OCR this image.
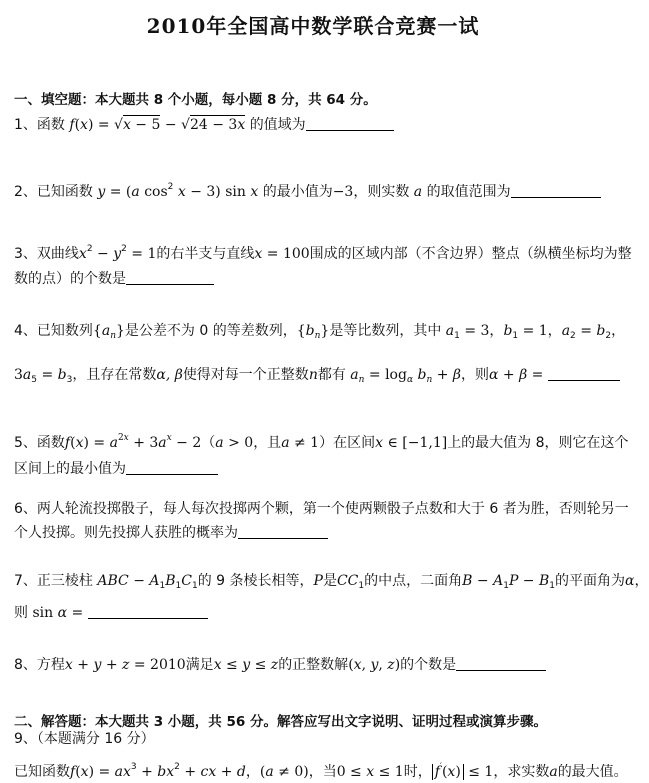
2010年全国高中数学联合竞赛一试
一、填空题：本大题共 8 个小题，每小题 8 分，共 64 分。
1、函数 f(x) = √x − 5 − √24 − 3x 的值域为
2、已知函数 y = (a $\cos^2 x - 3$) sin x 的最小值为−3，则实数 a 的取值范围为
3、双曲线$x^2 - y^2 = 1$的右半支与直线x = 100围成的区域内部（不含边界）整点（纵横坐标均为整
数的点）的个数是
4、已知数列$\{a_n\}$是公差不为 0 的等差数列，$\{b_n\}$是等比数列，其中 $a_1 = 3$，$b_1 = 1$，$a_2 = b_2$，
$3a_5 = b_3$，且存在常数α, β使得对每一个正整数n都有 $a_n = \log_\alpha b_n + \beta$，则α + β =
5、函数$f(x) = a^{2x} + 3a^x - 2(a > 0$，且a ≠ 1）在区间x ∈ [−1,1]上的最大值为 8，则它在这个
区间上的最小值为
6、两人轮流投掷骰子，每人每次投掷两个颗，第一个使两颗骰子点数和大于 6 者为胜，否则轮另一
个人投掷。则先投掷人获胜的概率为
7、正三棱柱 ABC − $A_1B_1C_1$的 9 条棱长相等，P是$CC_1$的中点，二面角$B - A_1P - B_1$的平面角为α，
则 sin α =
8、方程x + y + z = 2010满足x ≤ y ≤ z的正整数解(x, y, z)的个数是
二、解答题：本大题共 3 小题，共 56 分。解答应写出文字说明、证明过程或演算步骤。
9、（本题满分 16 分）
已知函数$f(x) = ax^3 + bx^2$ + cx + d，(a ≠ 0)，当0 ≤ x ≤ 1时， f′(x) ≤ 1，求实数a的最大值。
